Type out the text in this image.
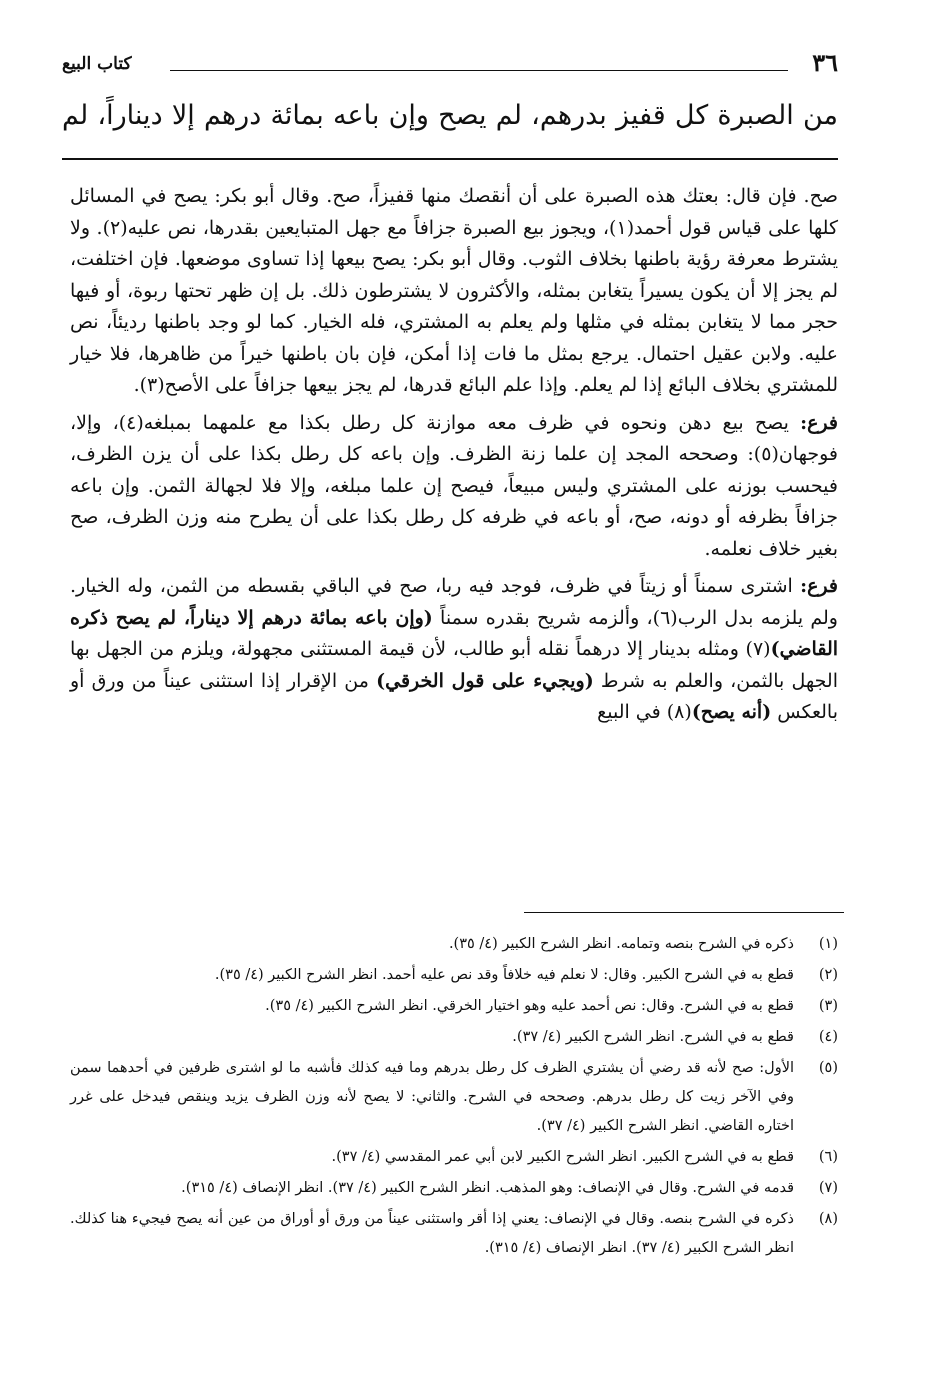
٣٦
كتاب البيع
من الصبرة كل قفيز بدرهم، لم يصح وإن باعه بمائة درهم إلا ديناراً، لم

صح. فإن قال: بعتك هذه الصبرة على أن أنقصك منها قفيزاً، صح. وقال أبو بكر: يصح في المسائل كلها على قياس قول أحمد(١)، ويجوز بيع الصبرة جزافاً مع جهل المتبايعين بقدرها، نص عليه(٢). ولا يشترط معرفة رؤية باطنها بخلاف الثوب. وقال أبو بكر: يصح بيعها إذا تساوى موضعها. فإن اختلفت، لم يجز إلا أن يكون يسيراً يتغابن بمثله، والأكثرون لا يشترطون ذلك. بل إن ظهر تحتها ربوة، أو فيها حجر مما لا يتغابن بمثله في مثلها ولم يعلم به المشتري، فله الخيار. كما لو وجد باطنها رديئاً، نص عليه. ولابن عقيل احتمال. يرجع بمثل ما فات إذا أمكن، فإن بان باطنها خيراً من ظاهرها، فلا خيار للمشتري بخلاف البائع إذا لم يعلم. وإذا علم البائع قدرها، لم يجز بيعها جزافاً على الأصح(٣).

فرع: يصح بيع دهن ونحوه في ظرف معه موازنة كل رطل بكذا مع علمهما بمبلغه(٤)، وإلا، فوجهان(٥): وصححه المجد إن علما زنة الظرف. وإن باعه كل رطل بكذا على أن يزن الظرف، فيحسب بوزنه على المشتري وليس مبيعاً، فيصح إن علما مبلغه، وإلا فلا لجهالة الثمن. وإن باعه جزافاً بظرفه أو دونه، صح، أو باعه في ظرفه كل رطل بكذا على أن يطرح منه وزن الظرف، صح بغير خلاف نعلمه.

فرع: اشترى سمناً أو زيتاً في ظرف، فوجد فيه ربا، صح في الباقي بقسطه من الثمن، وله الخيار. ولم يلزمه بدل الرب(٦)، وألزمه شريح بقدره سمناً (وإن باعه بمائة درهم إلا ديناراً، لم يصح ذكره القاضي)(٧) ومثله بدينار إلا درهماً نقله أبو طالب، لأن قيمة المستثنى مجهولة، ويلزم من الجهل بها الجهل بالثمن، والعلم به شرط (ويجيء على قول الخرقي) من الإقرار إذا استثنى عيناً من ورق أو بالعكس (أنه يصح)(٨) في البيع

(١)
ذكره في الشرح بنصه وتمامه. انظر الشرح الكبير (٤/ ٣٥).
(٢)
قطع به في الشرح الكبير. وقال: لا نعلم فيه خلافاً وقد نص عليه أحمد. انظر الشرح الكبير (٤/ ٣٥).
(٣)
قطع به في الشرح. وقال: نص أحمد عليه وهو اختيار الخرقي. انظر الشرح الكبير (٤/ ٣٥).
(٤)
قطع به في الشرح. انظر الشرح الكبير (٤/ ٣٧).
(٥)
الأول: صح لأنه قد رضي أن يشتري الظرف كل رطل بدرهم وما فيه كذلك فأشبه ما لو اشترى ظرفين في أحدهما سمن وفي الآخر زيت كل رطل بدرهم. وصححه في الشرح. والثاني: لا يصح لأنه وزن الظرف يزيد وينقص فيدخل على غرر اختاره القاضي. انظر الشرح الكبير (٤/ ٣٧).
(٦)
قطع به في الشرح الكبير. انظر الشرح الكبير لابن أبي عمر المقدسي (٤/ ٣٧).
(٧)
قدمه في الشرح. وقال في الإنصاف: وهو المذهب. انظر الشرح الكبير (٤/ ٣٧). انظر الإنصاف (٤/ ٣١٥).
(٨)
ذكره في الشرح بنصه. وقال في الإنصاف: يعني إذا أقر واستثنى عيناً من ورق أو أوراق من عين أنه يصح فيجيء هنا كذلك. انظر الشرح الكبير (٤/ ٣٧). انظر الإنصاف (٤/ ٣١٥).
